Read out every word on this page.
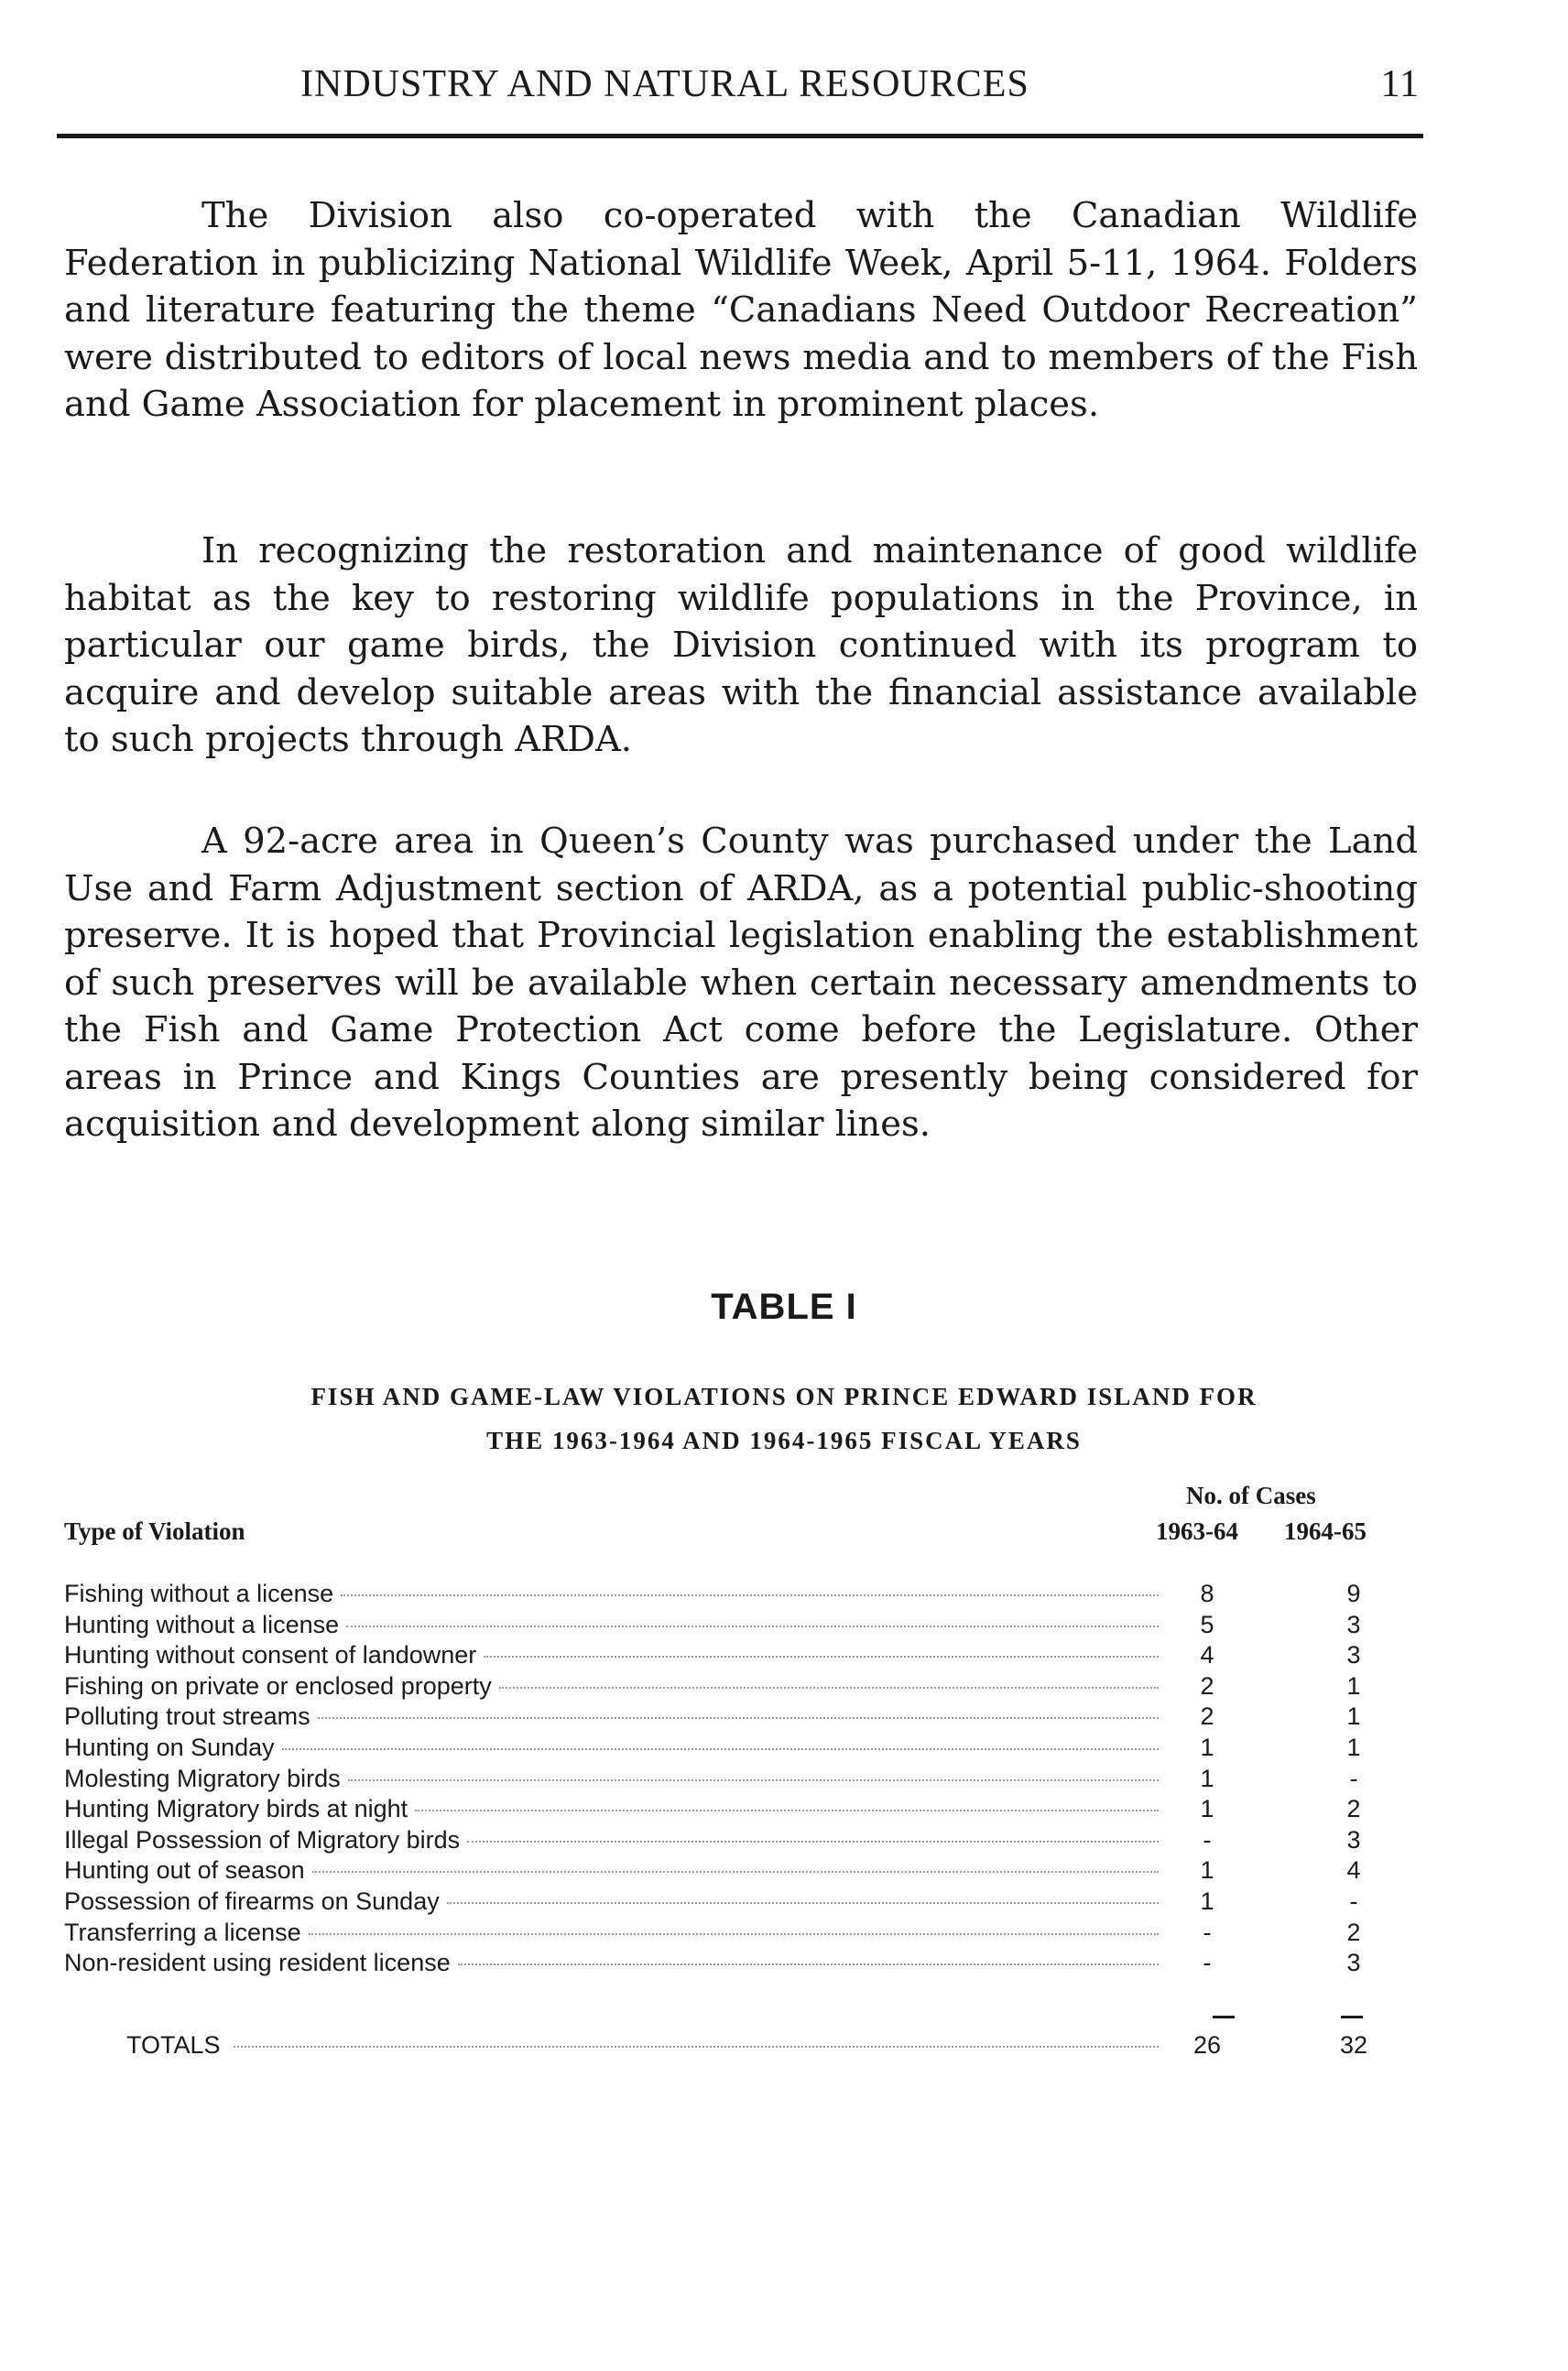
INDUSTRY AND NATURAL RESOURCES	11

The Division also co-operated with the Canadian Wildlife Federation in publicizing National Wildlife Week, April 5-11, 1964. Folders and literature featuring the theme “Canadians Need Outdoor Recreation” were distributed to editors of local news media and to members of the Fish and Game Association for placement in prominent places.

In recognizing the restoration and maintenance of good wildlife habitat as the key to restoring wildlife populations in the Province, in particular our game birds, the Division continued with its program to acquire and develop suitable areas with the financial assistance available to such projects through ARDA.

A 92-acre area in Queen’s County was purchased under the Land Use and Farm Adjustment section of ARDA, as a potential public-shooting preserve. It is hoped that Provincial legislation enabling the establishment of such preserves will be available when certain necessary amendments to the Fish and Game Protection Act come before the Legislature. Other areas in Prince and Kings Counties are presently being considered for acquisition and development along similar lines.

TABLE I
FISH AND GAME-LAW VIOLATIONS ON PRINCE EDWARD ISLAND FOR
THE 1963-1964 AND 1964-1965 FISCAL YEARS
Type of Violation
No. of Cases
1963-64 1964-65
Fishing without a license	8	9
Hunting without a license	5	3
Hunting without consent of landowner	4	3
Fishing on private or enclosed property	2	1
Polluting trout streams	2	1
Hunting on Sunday	1	1
Molesting Migratory birds	1	-
Hunting Migratory birds at night	1	2
Illegal Possession of Migratory birds	-	3
Hunting out of season	1	4
Possession of firearms on Sunday	1	-
Transferring a license	-	2
Non-resident using resident license	-	3
TOTALS	26	32
